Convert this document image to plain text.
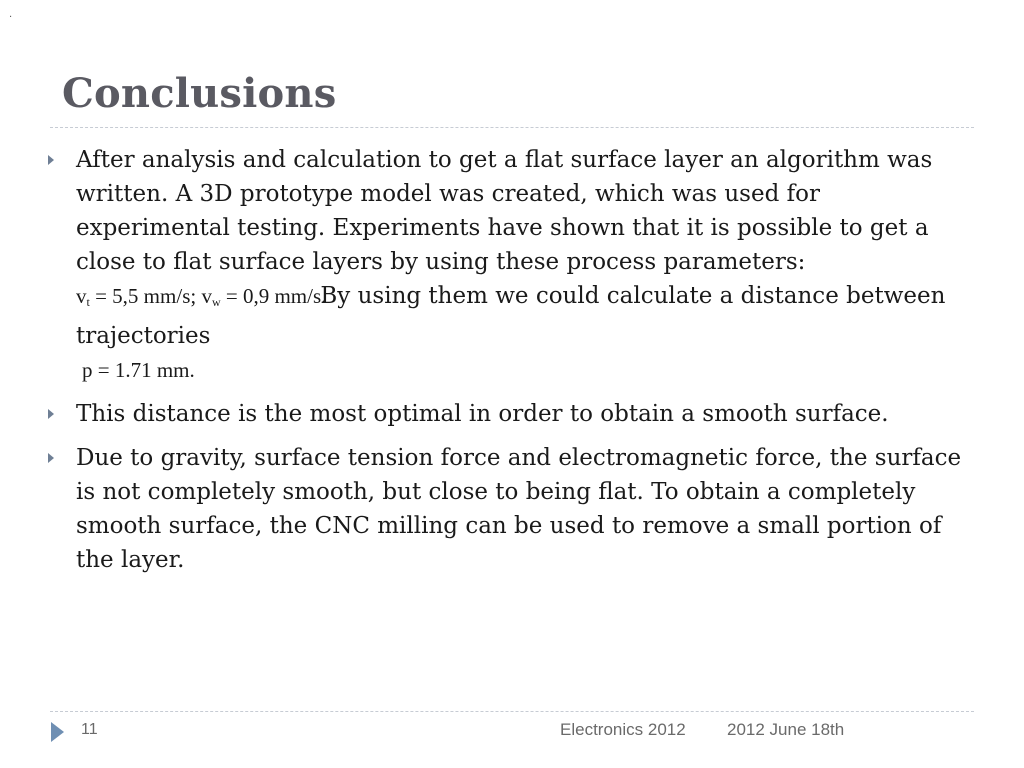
·
Conclusions
After analysis and calculation to get a flat surface layer an algorithm was written. A 3D prototype model was created, which was used for experimental testing. Experiments have shown that it is possible to get a close to flat surface layers by using these process parameters: $v_t = 5,5$ mm/s; $v_w = 0,9$ mm/s.By using them we could calculate a distance between trajectories
p = 1.71 mm.
This distance is the most optimal in order to obtain a smooth surface.
Due to gravity, surface tension force and electromagnetic force, the surface is not completely smooth, but close to being flat. To obtain a completely smooth surface, the CNC milling can be used to remove a small portion of the layer.
11	Electronics 2012 2012 June 18th
